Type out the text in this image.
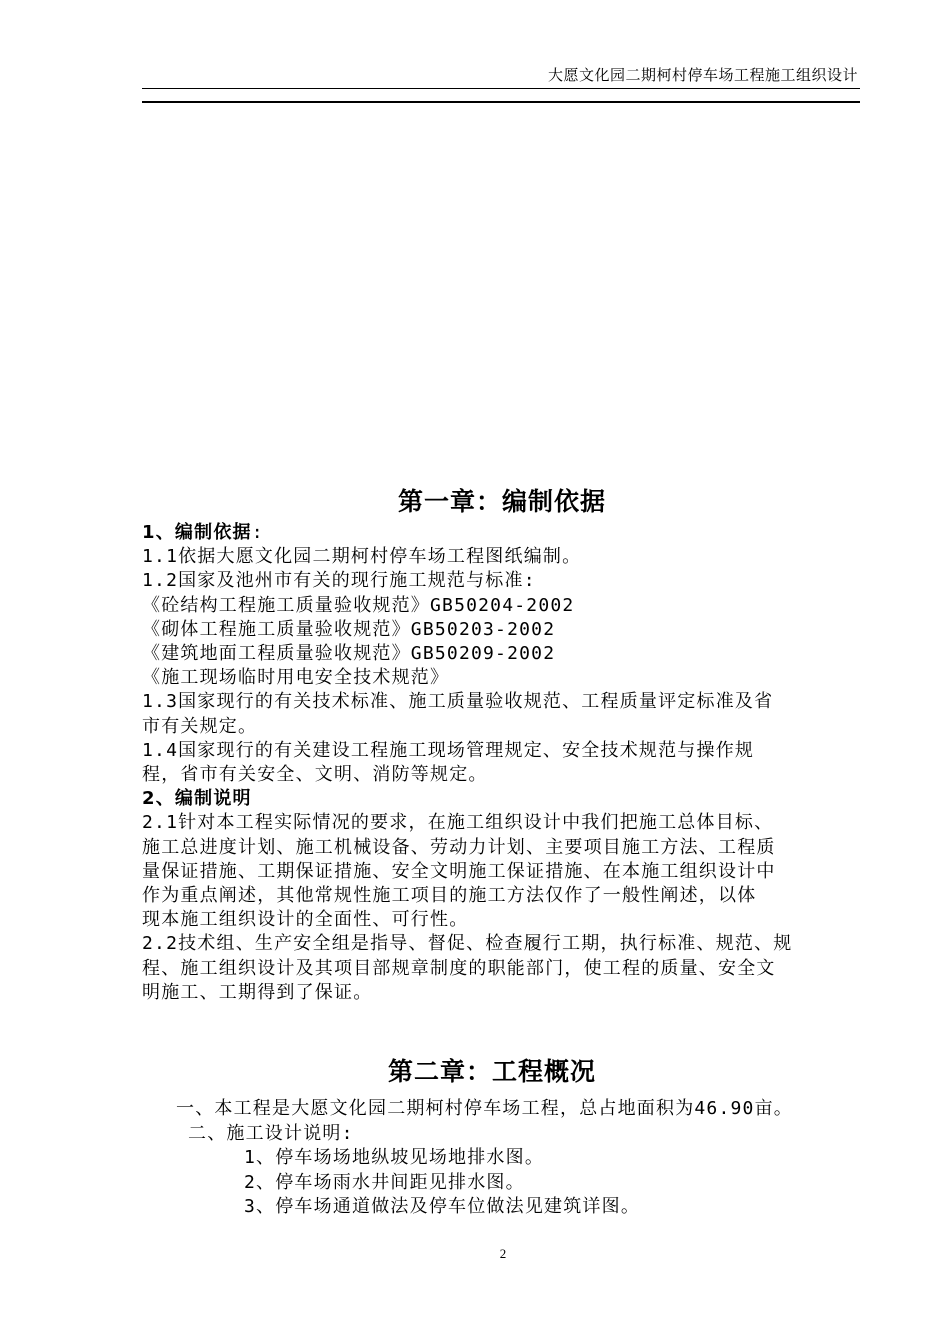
大愿文化园二期柯村停车场工程施工组织设计
第一章：编制依据
1、编制依据:
1.1依据大愿文化园二期柯村停车场工程图纸编制。
1.2国家及池州市有关的现行施工规范与标准:
《砼结构工程施工质量验收规范》GB50204-2002
《砌体工程施工质量验收规范》GB50203-2002
《建筑地面工程质量验收规范》GB50209-2002
《施工现场临时用电安全技术规范》
1.3国家现行的有关技术标准、施工质量验收规范、工程质量评定标准及省
市有关规定。
1.4国家现行的有关建设工程施工现场管理规定、安全技术规范与操作规
程，省市有关安全、文明、消防等规定。
2、编制说明
2.1针对本工程实际情况的要求，在施工组织设计中我们把施工总体目标、
施工总进度计划、施工机械设备、劳动力计划、主要项目施工方法、工程质
量保证措施、工期保证措施、安全文明施工保证措施、在本施工组织设计中
作为重点阐述，其他常规性施工项目的施工方法仅作了一般性阐述，以体
现本施工组织设计的全面性、可行性。
2.2技术组、生产安全组是指导、督促、检查履行工期，执行标准、规范、规
程、施工组织设计及其项目部规章制度的职能部门，使工程的质量、安全文
明施工、工期得到了保证。
第二章：工程概况
一、本工程是大愿文化园二期柯村停车场工程，总占地面积为46.90亩。
二、施工设计说明:
1、停车场场地纵坡见场地排水图。
2、停车场雨水井间距见排水图。
3、停车场通道做法及停车位做法见建筑详图。
2
